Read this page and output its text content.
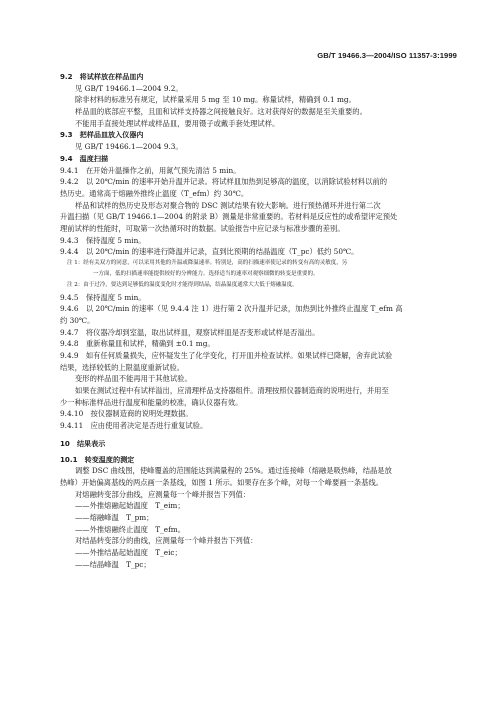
GB/T 19466.3—2004/ISO 11357-3:1999
9.2　将试样放在样品皿内
见 GB/T 19466.1—2004 9.2。
除非材料的标准另有规定，试样量采用 5 mg 至 10 mg。称量试样，精确到 0.1 mg。
样品皿的底部应平整，且皿和试样支持器之间接触良好。这对获得好的数据是至关重要的。
不能用手直接处理试样或样品皿，要用镊子或戴手套处理试样。
9.3　把样品皿放入仪器内
见 GB/T 19466.1—2004 9.3。
9.4　温度扫描
9.4.1　在开始升温操作之前，用氮气预先清洁 5 min。
9.4.2　以 20℃/min 的速率开始升温并记录。将试样皿加热到足够高的温度，以消除试验材料以前的
热历史。通常高于熔融外推终止温度（T_efm）约 30℃。
样品和试样的热历史及形态对聚合物的 DSC 测试结果有较大影响。进行预热循环并进行第二次
升温扫描（见 GB/T 19466.1—2004 的附录 B）测量是非常重要的。若材料是反应性的或希望评定预处
理前试样的性能时，可取第一次热循环时的数据。试验报告中应记录与标准步骤的差别。
9.4.3　保持温度 5 min。
9.4.4　以 20℃/min 的速率进行降温并记录，直到比预期的结晶温度（T_pc）低约 50℃。
注 1：经有关双方的同意，可以采用其他的升温或降温速率。特别是，高的扫描速率使记录的转变有高的灵敏度，另
一方面，低的扫描速率能提供较好的分辨能力。选择适当的速率对观察细微的转变是重要的。
注 2：由于过冷，要达到足够低的温度变化时才能得到结晶，结晶温度通常大大低于熔融温度。
9.4.5　保持温度 5 min。
9.4.6　以 20℃/min 的速率（见 9.4.4 注 1）进行第 2 次升温并记录，加热到比外推终止温度 T_efm 高
约 30℃。
9.4.7　将仪器冷却到室温，取出试样皿，观察试样皿是否变形或试样是否溢出。
9.4.8　重新称量皿和试样，精确到 ±0.1 mg。
9.4.9　如有任何质量损失，应怀疑发生了化学变化，打开皿并检查试样。如果试样已降解，舍弃此试验
结果，选择较低的上限温度重新试验。
变形的样品皿不能再用于其他试验。
如果在测试过程中有试样溢出，应清理样品支持器组件。清理按照仪器制造商的说明进行，并用至
少一种标准样品进行温度和能量的校准，确认仪器有效。
9.4.10　按仪器制造商的说明处理数据。
9.4.11　应由使用者决定是否进行重复试验。
10　结果表示
10.1　转变温度的测定
调整 DSC 曲线图，使峰覆盖的范围能达到满量程的 25%。通过连接峰（熔融是吸热峰，结晶是放
热峰）开始偏离基线的两点画一条基线，如图 1 所示。如果存在多个峰，对每一个峰要画一条基线。
对熔融转变部分曲线，应测量每一个峰并报告下列值：
——外推熔融起始温度　T_eim；
——熔融峰温　T_pm；
——外推熔融终止温度　T_efm。
对结晶转变部分的曲线，应测量每一个峰并报告下列值：
——外推结晶起始温度　T_eic；
——结晶峰温　T_pc；
